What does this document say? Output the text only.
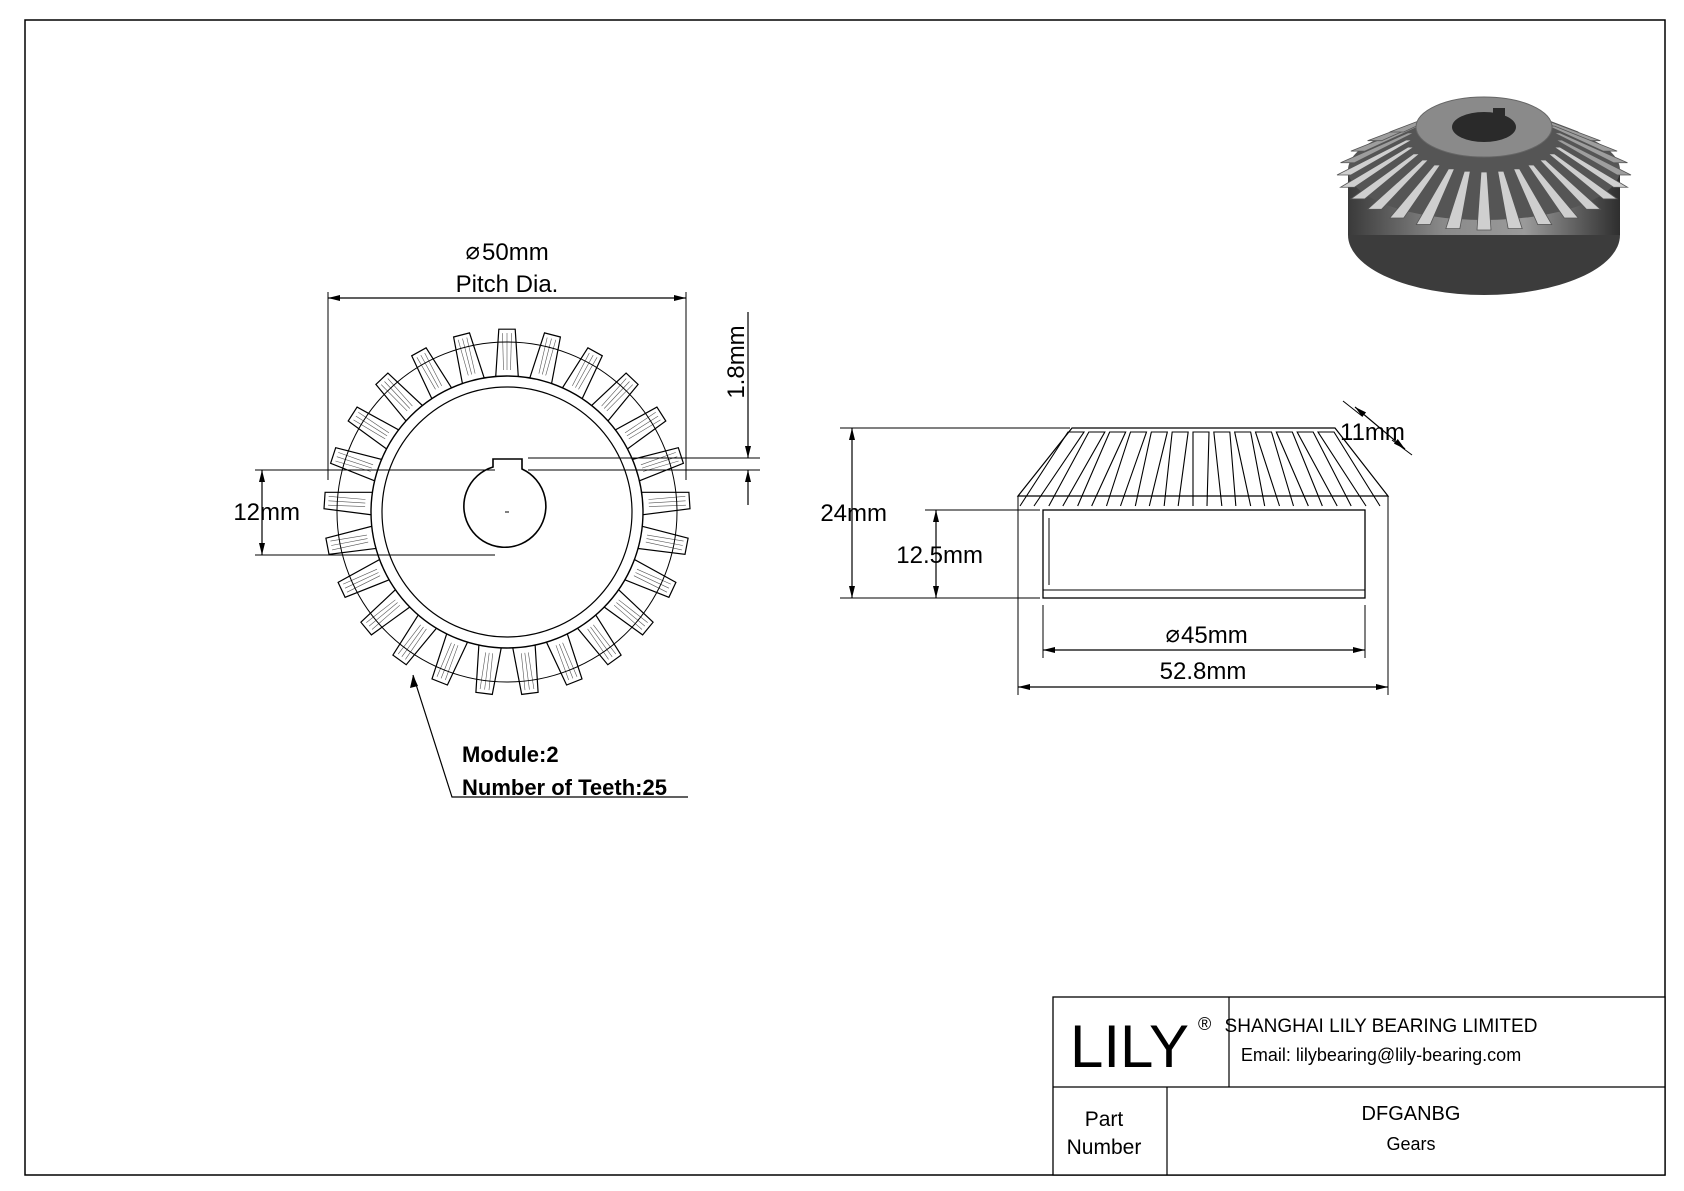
⌀ 50mm
Pitch Dia.
1.8mm
12mm
Module:2
Number of Teeth:25
24mm
12.5mm
11mm
⌀ 45mm
52.8mm
LILY ® SHANGHAI LILY BEARING LIMITED
Email: lilybearing@lily-bearing.com
Part
Number
DFGANBG
Gears
